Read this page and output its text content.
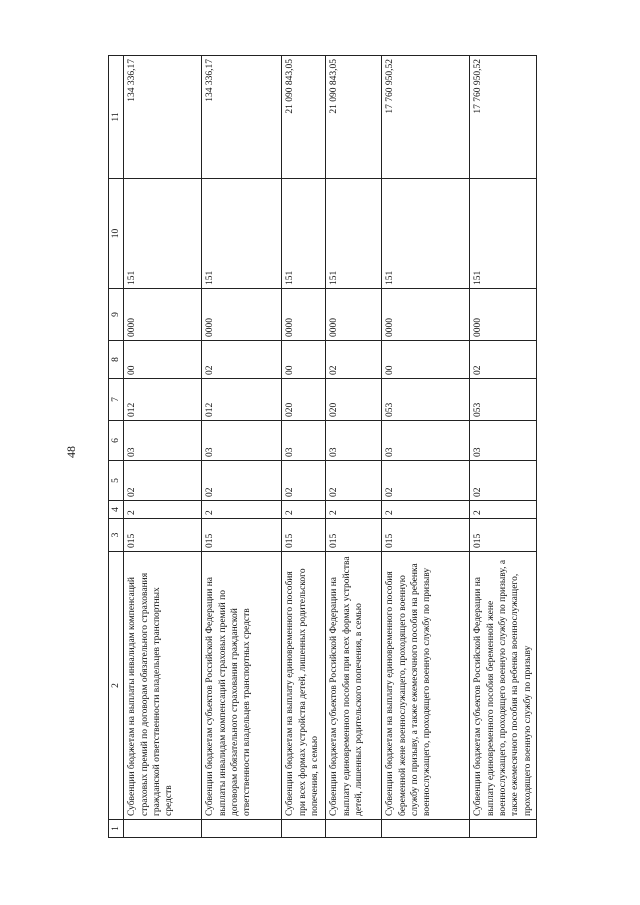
48
1	2	3	4	5	6	7	8	9	10	11
	Субвенции бюджетам на выплаты инвалидам компенсаций страховых премий по договорам обязательного страхования гражданской ответственности владельцев транспортных средств	015	2	02	03	012	00	0000	151	134 336,17
	Субвенции бюджетам субъектов Российской Федерации на выплаты инвалидам компенсаций страховых премий по договорам обязательного страхования гражданской ответственности владельцев транспортных средств	015	2	02	03	012	02	0000	151	134 336,17
	Субвенции бюджетам на выплату единовременного пособия при всех формах устройства детей, лишенных родительского попечения, в семью	015	2	02	03	020	00	0000	151	21 090 843,05
	Субвенции бюджетам субъектов Российской Федерации на выплату единовременного пособия при всех формах устройства детей, лишенных родительского попечения, в семью	015	2	02	03	020	02	0000	151	21 090 843,05
	Субвенции бюджетам на выплату единовременного пособия беременной жене военнослужащего, проходящего военную службу по призыву, а также ежемесячного пособия на ребенка военнослужащего, проходящего военную службу по призыву	015	2	02	03	053	00	0000	151	17 760 950,52
	Субвенции бюджетам субъектов Российской Федерации на выплату единовременного пособия беременной жене военнослужащего, проходящего военную службу по призыву, а также ежемесячного пособия на ребенка военнослужащего, проходящего военную службу по призыву	015	2	02	03	053	02	0000	151	17 760 950,52
